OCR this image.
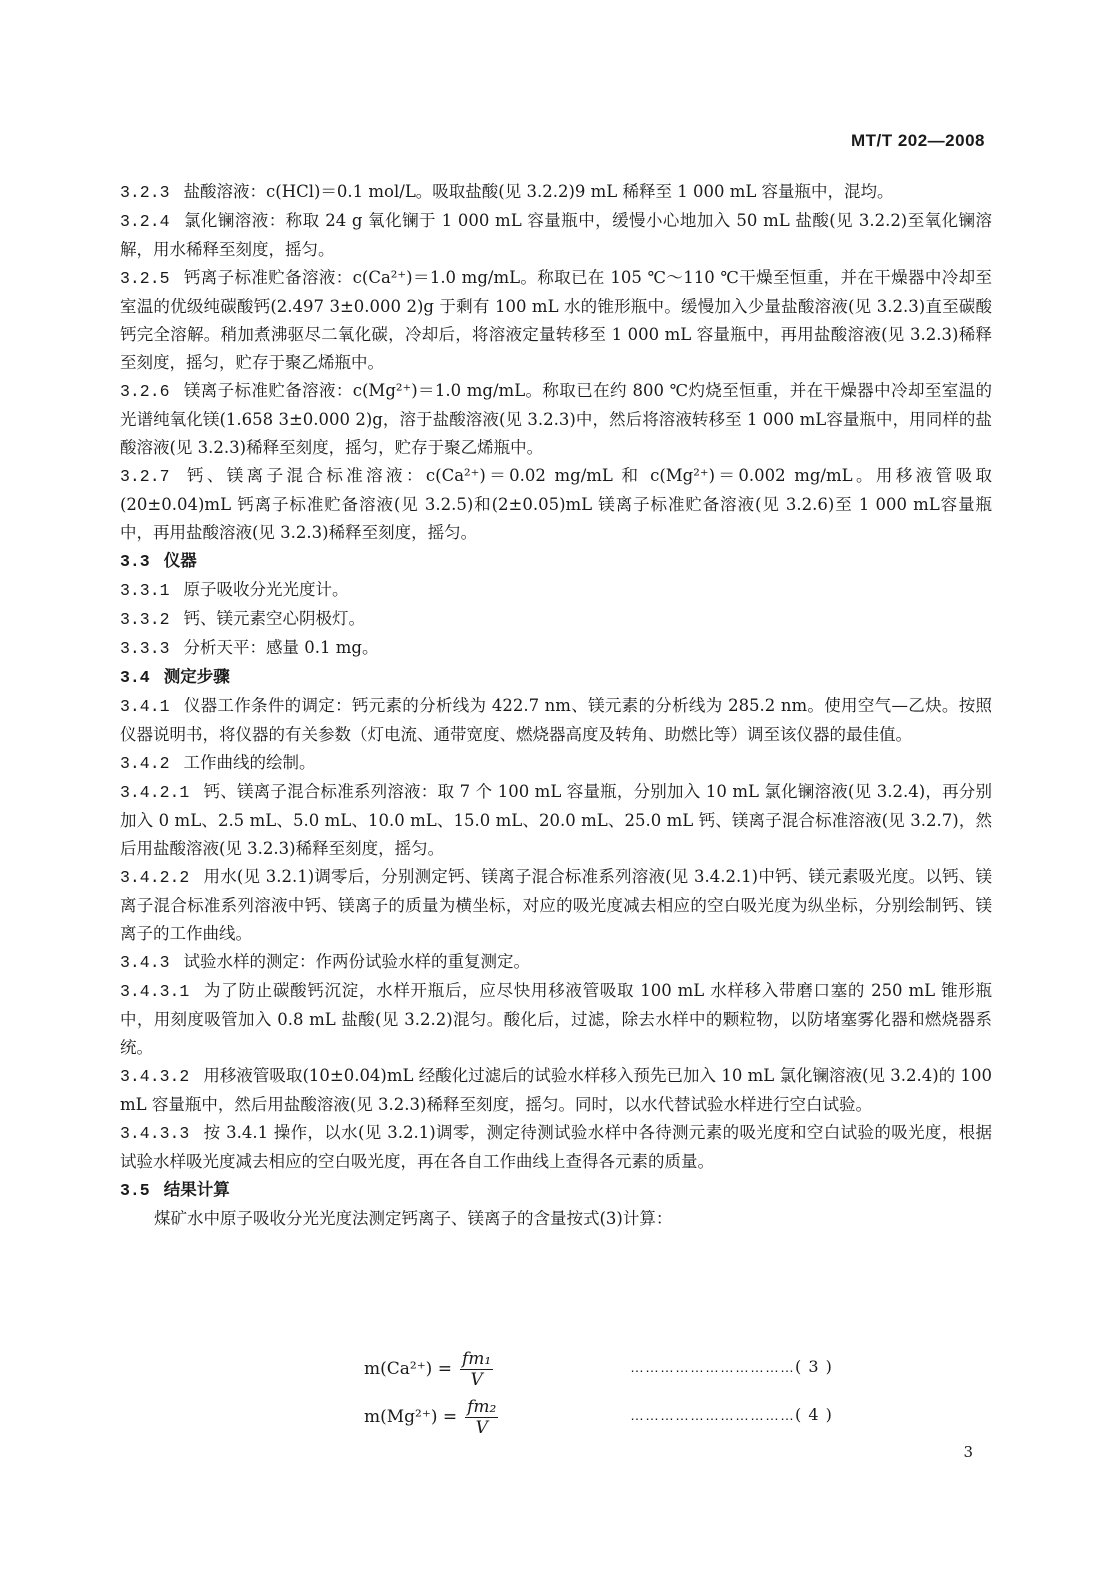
MT/T 202—2008

3.2.3 盐酸溶液：c(HCl)＝0.1 mol/L。吸取盐酸(见 3.2.2)9 mL 稀释至 1 000 mL 容量瓶中，混均。

3.2.4 氯化镧溶液：称取 24 g 氧化镧于 1 000 mL 容量瓶中，缓慢小心地加入 50 mL 盐酸(见 3.2.2)至氧化镧溶解，用水稀释至刻度，摇匀。

3.2.5 钙离子标准贮备溶液：c(Ca²⁺)＝1.0 mg/mL。称取已在 105 ℃～110 ℃干燥至恒重，并在干燥器中冷却至室温的优级纯碳酸钙(2.497 3±0.000 2)g 于剩有 100 mL 水的锥形瓶中。缓慢加入少量盐酸溶液(见 3.2.3)直至碳酸钙完全溶解。稍加煮沸驱尽二氧化碳，冷却后，将溶液定量转移至 1 000 mL 容量瓶中，再用盐酸溶液(见 3.2.3)稀释至刻度，摇匀，贮存于聚乙烯瓶中。

3.2.6 镁离子标准贮备溶液：c(Mg²⁺)＝1.0 mg/mL。称取已在约 800 ℃灼烧至恒重，并在干燥器中冷却至室温的光谱纯氧化镁(1.658 3±0.000 2)g，溶于盐酸溶液(见 3.2.3)中，然后将溶液转移至 1 000 mL容量瓶中，用同样的盐酸溶液(见 3.2.3)稀释至刻度，摇匀，贮存于聚乙烯瓶中。

3.2.7 钙、镁离子混合标准溶液：c(Ca²⁺)＝0.02 mg/mL 和 c(Mg²⁺)＝0.002 mg/mL。用移液管吸取(20±0.04)mL 钙离子标准贮备溶液(见 3.2.5)和(2±0.05)mL 镁离子标准贮备溶液(见 3.2.6)至 1 000 mL容量瓶中，再用盐酸溶液(见 3.2.3)稀释至刻度，摇匀。

3.3 仪器

3.3.1 原子吸收分光光度计。

3.3.2 钙、镁元素空心阴极灯。

3.3.3 分析天平：感量 0.1 mg。

3.4 测定步骤

3.4.1 仪器工作条件的调定：钙元素的分析线为 422.7 nm、镁元素的分析线为 285.2 nm。使用空气—乙炔。按照仪器说明书，将仪器的有关参数（灯电流、通带宽度、燃烧器高度及转角、助燃比等）调至该仪器的最佳值。

3.4.2 工作曲线的绘制。

3.4.2.1 钙、镁离子混合标准系列溶液：取 7 个 100 mL 容量瓶，分别加入 10 mL 氯化镧溶液(见 3.2.4)，再分别加入 0 mL、2.5 mL、5.0 mL、10.0 mL、15.0 mL、20.0 mL、25.0 mL 钙、镁离子混合标准溶液(见 3.2.7)，然后用盐酸溶液(见 3.2.3)稀释至刻度，摇匀。

3.4.2.2 用水(见 3.2.1)调零后，分别测定钙、镁离子混合标准系列溶液(见 3.4.2.1)中钙、镁元素吸光度。以钙、镁离子混合标准系列溶液中钙、镁离子的质量为横坐标，对应的吸光度减去相应的空白吸光度为纵坐标，分别绘制钙、镁离子的工作曲线。

3.4.3 试验水样的测定：作两份试验水样的重复测定。

3.4.3.1 为了防止碳酸钙沉淀，水样开瓶后，应尽快用移液管吸取 100 mL 水样移入带磨口塞的 250 mL 锥形瓶中，用刻度吸管加入 0.8 mL 盐酸(见 3.2.2)混匀。酸化后，过滤，除去水样中的颗粒物，以防堵塞雾化器和燃烧器系统。

3.4.3.2 用移液管吸取(10±0.04)mL 经酸化过滤后的试验水样移入预先已加入 10 mL 氯化镧溶液(见 3.2.4)的 100 mL 容量瓶中，然后用盐酸溶液(见 3.2.3)稀释至刻度，摇匀。同时，以水代替试验水样进行空白试验。

3.4.3.3 按 3.4.1 操作，以水(见 3.2.1)调零，测定待测试验水样中各待测元素的吸光度和空白试验的吸光度，根据试验水样吸光度减去相应的空白吸光度，再在各自工作曲线上查得各元素的质量。

3.5 结果计算

煤矿水中原子吸收分光光度法测定钙离子、镁离子的含量按式(3)计算：

$m(Ca^{2+}) = \frac{\text{fm₁}}{V}$	……………………………( 3 )
$m(Mg^{2+}) = \frac{\text{fm₂}}{V}$	……………………………( 4 )
3
